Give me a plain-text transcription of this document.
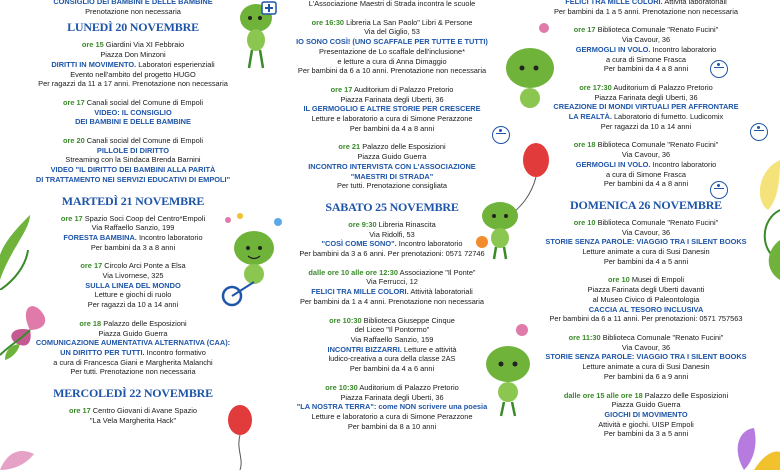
CONSIGLIO DEI BAMBINI E DELLE BAMBINE
Prenotazione non necessaria
LUNEDÌ 20 NOVEMBRE
ore 15 Giardini Via XI Febbraio
Piazza Don Minzoni
DIRITTI IN MOVIMENTO. Laboratori esperienziali
Evento nell'ambito del progetto HUGO
Per ragazzi da 11 a 17 anni. Prenotazione non necessaria
ore 17 Canali social del Comune di Empoli
VIDEO: IL CONSIGLIO
DEI BAMBINI E DELLE BAMBINE
ore 20 Canali social del Comune di Empoli
PILLOLE DI DIRITTO
Streaming con la Sindaca Brenda Barnini
VIDEO "IL DIRITTO DEI BAMBINI ALLA PARITÀ
DI TRATTAMENTO NEI SERVIZI EDUCATIVI DI EMPOLI"
MARTEDÌ 21 NOVEMBRE
ore 17 Spazio Soci Coop del Centro*Empoli
Via Raffaello Sanzio, 199
FORESTA BAMBINA. Incontro laboratorio
Per bambini da 3 a 8 anni
ore 17 Circolo Arci Ponte a Elsa
Via Livornese, 325
SULLA LINEA DEL MONDO
Letture e giochi di ruolo
Per ragazzi da 10 a 14 anni
ore 18 Palazzo delle Esposizioni
Piazza Guido Guerra
COMUNICAZIONE AUMENTATIVA ALTERNATIVA (CAA):
UN DIRITTO PER TUTTI. Incontro formativo
a cura di Francesca Giani e Margherita Malanchi
Per tutti. Prenotazione non necessaria
MERCOLEDÌ 22 NOVEMBRE
ore 17 Centro Giovani di Avane Spazio
"La Vela Margherita Hack"
L'Associazione Maestri di Strada incontra le scuole
ore 16:30 Libreria La San Paolo" Libri & Persone
Via del Giglio, 53
IO SONO COSÌ! (UNO SCAFFALE PER TUTTE E TUTTI)
Presentazione de Lo scaffale dell'inclusione*
e letture a cura di Anna Dimaggio
Per bambini da 6 a 10 anni. Prenotazione non necessaria
ore 17 Auditorium di Palazzo Pretorio
Piazza Farinata degli Uberti, 36
IL GERMOGLIO E ALTRE STORIE PER CRESCERE
Letture e laboratorio a cura di Simone Perazzone
Per bambini da 4 a 8 anni
ore 21 Palazzo delle Esposizioni
Piazza Guido Guerra
INCONTRO INTERVISTA CON L'ASSOCIAZIONE
"MAESTRI DI STRADA"
Per tutti. Prenotazione consigliata
SABATO 25 NOVEMBRE
ore 9:30 Libreria Rinascita
Via Ridolfi, 53
"COSÌ COME SONO". Incontro laboratorio
Per bambini da 3 a 6 anni. Per prenotazioni: 0571 72746
dalle ore 10 alle ore 12:30 Associazione "Il Ponte"
Via Ferrucci, 12
FELICI TRA MILLE COLORI. Attività laboratoriali
Per bambini da 1 a 4 anni. Prenotazione non necessaria
ore 10:30 Biblioteca Giuseppe Cinque
del Liceo "Il Pontormo"
Via Raffaello Sanzio, 159
INCONTRI BIZZARRI. Letture e attività
ludico-creativa a cura della classe 2AS
Per bambini da 4 a 6 anni
ore 10:30 Auditorium di Palazzo Pretorio
Piazza Farinata degli Uberti, 36
"LA NOSTRA TERRA": come NON scrivere una poesia
Letture e laboratorio a cura di Simone Perazzone
Per bambini da 8 a 10 anni
FELICI TRA MILLE COLORI. Attività laboratoriali
Per bambini da 1 a 5 anni. Prenotazione non necessaria
ore 17 Biblioteca Comunale "Renato Fucini"
Via Cavour, 36
GERMOGLI IN VOLO. Incontro laboratorio
a cura di Simone Frasca
Per bambini da 4 a 8 anni
ore 17:30 Auditorium di Palazzo Pretorio
Piazza Farinata degli Uberti, 36
CREAZIONE DI MONDI VIRTUALI PER AFFRONTARE
LA REALTÀ. Laboratorio di fumetto. Ludicomix
Per ragazzi da 10 a 14 anni
ore 18 Biblioteca Comunale "Renato Fucini"
Via Cavour, 36
GERMOGLI IN VOLO. Incontro laboratorio
a cura di Simone Frasca
Per bambini da 4 a 8 anni
DOMENICA 26 NOVEMBRE
ore 10 Biblioteca Comunale "Renato Fucini"
Via Cavour, 36
STORIE SENZA PAROLE: VIAGGIO TRA I SILENT BOOKS
Letture animate a cura di Susi Danesin
Per bambini da 4 a 5 anni
ore 10 Musei di Empoli
Piazza Farinata degli Uberti davanti
al Museo Civico di Paleontologia
CACCIA AL TESORO INCLUSIVA
Per bambini da 6 a 11 anni. Per prenotazioni: 0571 757563
ore 11:30 Biblioteca Comunale "Renato Fucini"
Via Cavour, 36
STORIE SENZA PAROLE: VIAGGIO TRA I SILENT BOOKS
Letture animate a cura di Susi Danesin
Per bambini da 6 a 9 anni
dalle ore 15 alle ore 18 Palazzo delle Esposizioni
Piazza Guido Guerra
GIOCHI DI MOVIMENTO
Attività e giochi. UISP Empoli
Per bambini da 3 a 5 anni
